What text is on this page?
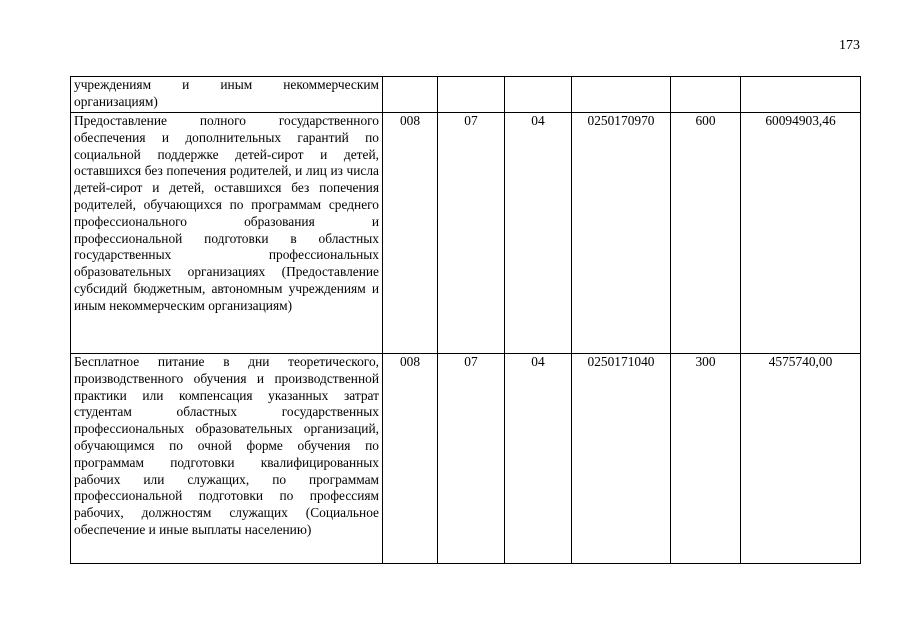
173
учреждениям и иным некоммерческим организациям)						
Предоставление полного государственного обеспечения и дополнительных гарантий по социальной поддержке детей-сирот и детей, оставшихся без попечения родителей, и лиц из числа детей-сирот и детей, оставшихся без попечения родителей, обучающихся по программам среднего профессионального образования и профессиональной подготовки в областных государственных профессиональных образовательных организациях (Предоставление субсидий бюджетным, автономным учреждениям и иным некоммерческим организациям)	008	07	04	0250170970	600	60094903,46
Бесплатное питание в дни теоретического, производственного обучения и производственной практики или компенсация указанных затрат студентам областных государственных профессиональных образовательных организаций, обучающимся по очной форме обучения по программам подготовки квалифицированных рабочих или служащих, по программам профессиональной подготовки по профессиям рабочих, должностям служащих (Социальное обеспечение и иные выплаты населению)	008	07	04	0250171040	300	4575740,00
